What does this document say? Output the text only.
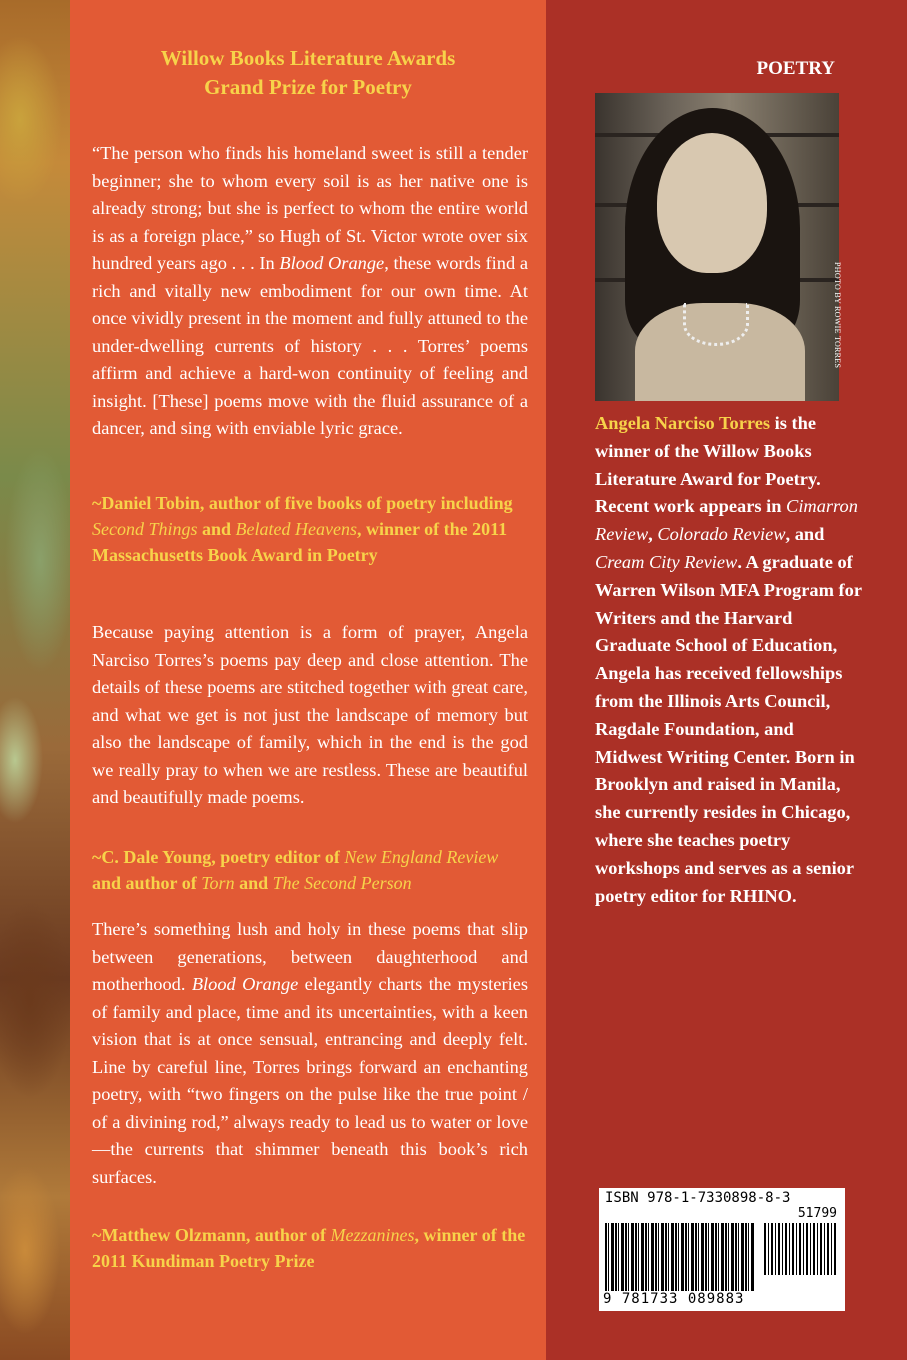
Willow Books Literature Awards
Grand Prize for Poetry

“The person who finds his homeland sweet is still a tender beginner; she to whom every soil is as her native one is already strong; but she is perfect to whom the entire world is as a foreign place,” so Hugh of St. Victor wrote over six hundred years ago . . . In Blood Orange, these words find a rich and vitally new embodiment for our own time. At once vividly present in the moment and fully attuned to the under-dwelling currents of history . . . Torres’ poems affirm and achieve a hard-won continuity of feeling and insight. [These] poems move with the fluid assurance of a dancer, and sing with enviable lyric grace.

~Daniel Tobin, author of five books of poetry including Second Things and Belated Heavens, winner of the 2011 Massachusetts Book Award in Poetry

Because paying attention is a form of prayer, Angela Narciso Torres’s poems pay deep and close attention. The details of these poems are stitched together with great care, and what we get is not just the landscape of memory but also the landscape of family, which in the end is the god we really pray to when we are restless. These are beautiful and beautifully made poems.

~C. Dale Young, poetry editor of New England Review and author of Torn and The Second Person

There’s something lush and holy in these poems that slip between generations, between daughterhood and motherhood. Blood Orange elegantly charts the mysteries of family and place, time and its uncertainties, with a keen vision that is at once sensual, entrancing and deeply felt. Line by careful line, Torres brings forward an enchanting poetry, with “two fingers on the pulse like the true point / of a divining rod,” always ready to lead us to water or love—the currents that shimmer beneath this book’s rich surfaces.

~Matthew Olzmann, author of Mezzanines, winner of the 2011 Kundiman Poetry Prize

POETRY
PHOTO BY ROWIE TORRES

Angela Narciso Torres is the winner of the Willow Books Literature Award for Poetry. Recent work appears in Cimarron Review, Colorado Review, and Cream City Review. A graduate of Warren Wilson MFA Program for Writers and the Harvard Graduate School of Education, Angela has received fellowships from the Illinois Arts Council, Ragdale Foundation, and Midwest Writing Center. Born in Brooklyn and raised in Manila, she currently resides in Chicago, where she teaches poetry workshops and serves as a senior poetry editor for RHINO.

ISBN 978-1-7330898-8-3
51799
9 781733 089883
